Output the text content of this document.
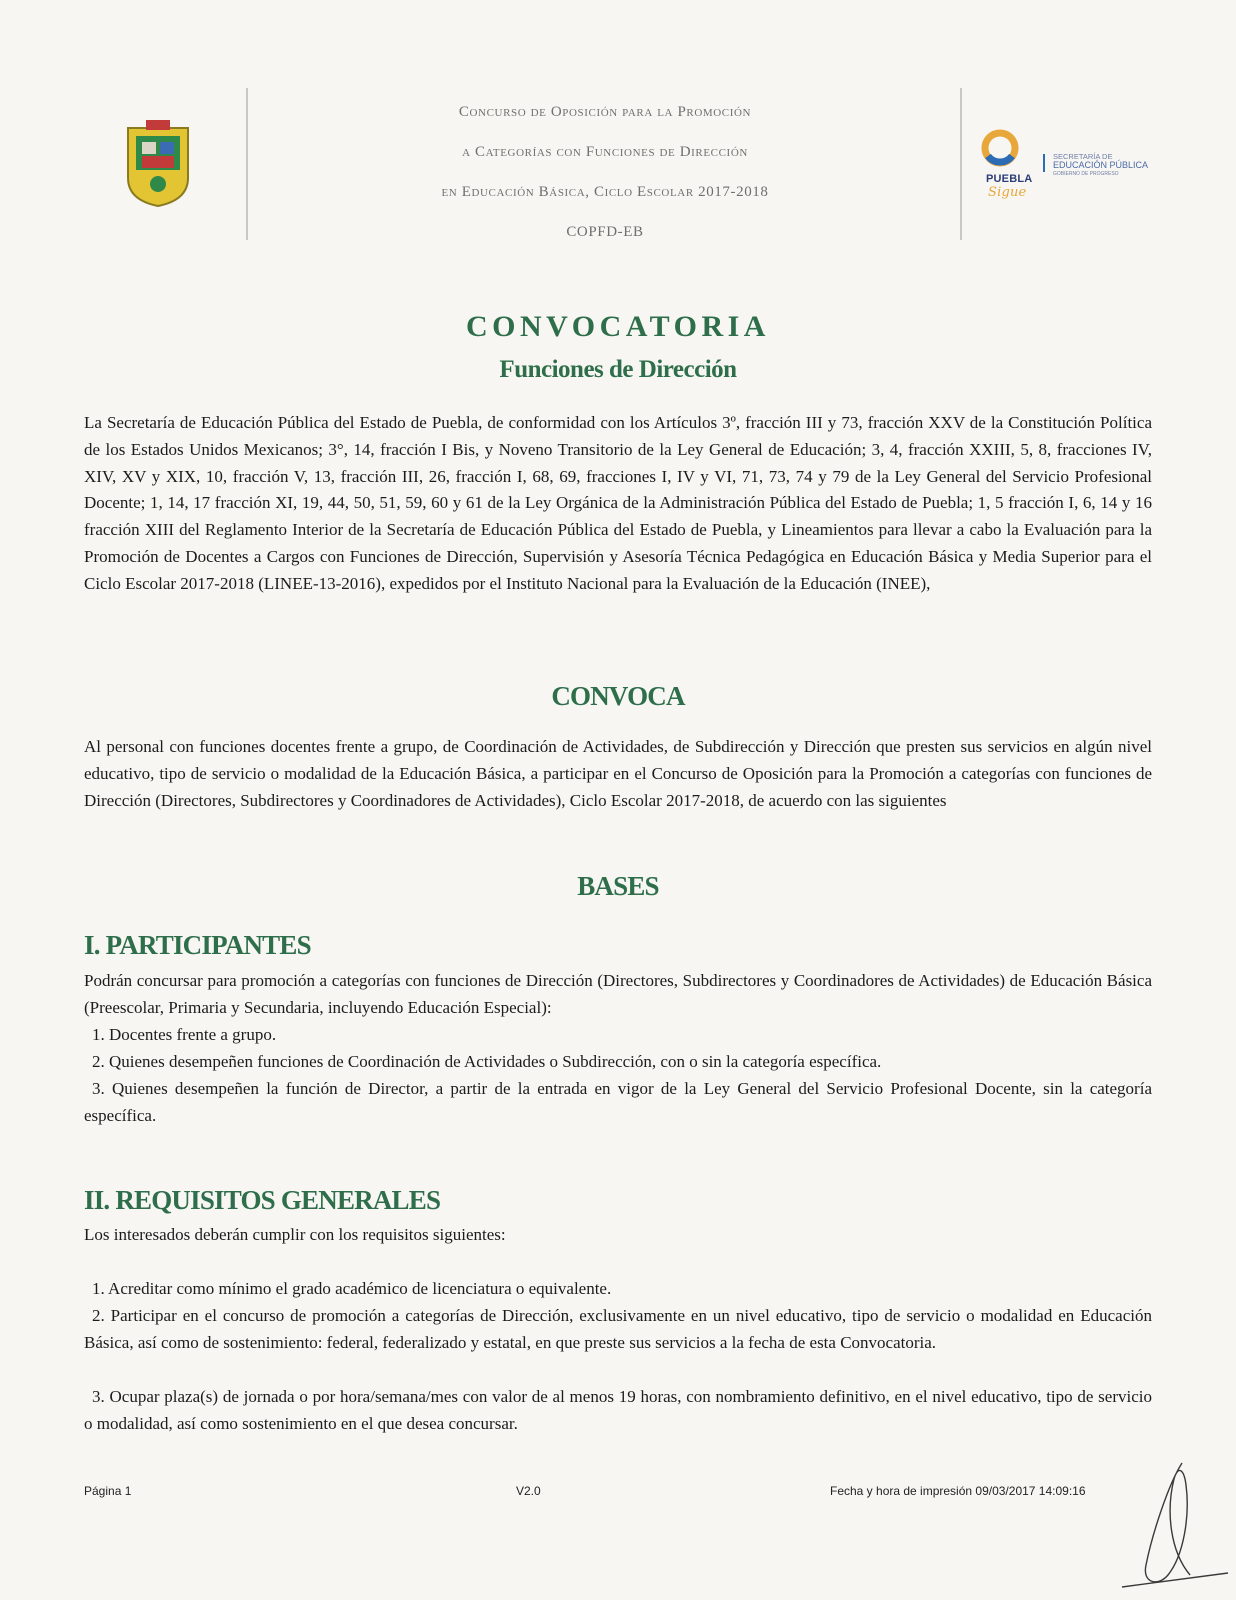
Concurso de Oposición para la Promoción
a Categorías con Funciones de Dirección
en Educación Básica, Ciclo Escolar 2017-2018
COPFD-EB
PUEBLA
Sigue
SECRETARÍA DE
EDUCACIÓN PÚBLICA
GOBIERNO DE PROGRESO
CONVOCATORIA
Funciones de Dirección

La Secretaría de Educación Pública del Estado de Puebla, de conformidad con los Artículos 3º, fracción III y 73, fracción XXV de la Constitución Política de los Estados Unidos Mexicanos; 3°, 14, fracción I Bis, y Noveno Transitorio de la Ley General de Educación; 3, 4, fracción XXIII, 5, 8, fracciones IV, XIV, XV y XIX, 10, fracción V, 13, fracción III, 26, fracción I, 68, 69, fracciones I, IV y VI, 71, 73, 74 y 79 de la Ley General del Servicio Profesional Docente; 1, 14, 17 fracción XI, 19, 44, 50, 51, 59, 60 y 61 de la Ley Orgánica de la Administración Pública del Estado de Puebla; 1, 5 fracción I, 6, 14 y 16 fracción XIII del Reglamento Interior de la Secretaría de Educación Pública del Estado de Puebla, y Lineamientos para llevar a cabo la Evaluación para la Promoción de Docentes a Cargos con Funciones de Dirección, Supervisión y Asesoría Técnica Pedagógica en Educación Básica y Media Superior para el Ciclo Escolar 2017-2018 (LINEE-13-2016), expedidos por el Instituto Nacional para la Evaluación de la Educación (INEE),

CONVOCA

Al personal con funciones docentes frente a grupo, de Coordinación de Actividades, de Subdirección y Dirección que presten sus servicios en algún nivel educativo, tipo de servicio o modalidad de la Educación Básica, a participar en el Concurso de Oposición para la Promoción a categorías con funciones de Dirección (Directores, Subdirectores y Coordinadores de Actividades), Ciclo Escolar 2017-2018, de acuerdo con las siguientes

BASES
I. PARTICIPANTES

Podrán concursar para promoción a categorías con funciones de Dirección (Directores, Subdirectores y Coordinadores de Actividades) de Educación Básica (Preescolar, Primaria y Secundaria, incluyendo Educación Especial):

1. Docentes frente a grupo.
2. Quienes desempeñen funciones de Coordinación de Actividades o Subdirección, con o sin la categoría específica.
3. Quienes desempeñen la función de Director, a partir de la entrada en vigor de la Ley General del Servicio Profesional Docente, sin la categoría específica.
II. REQUISITOS GENERALES

Los interesados deberán cumplir con los requisitos siguientes:

1. Acreditar como mínimo el grado académico de licenciatura o equivalente.
2. Participar en el concurso de promoción a categorías de Dirección, exclusivamente en un nivel educativo, tipo de servicio o modalidad en Educación Básica, así como de sostenimiento: federal, federalizado y estatal, en que preste sus servicios a la fecha de esta Convocatoria.
3. Ocupar plaza(s) de jornada o por hora/semana/mes con valor de al menos 19 horas, con nombramiento definitivo, en el nivel educativo, tipo de servicio o modalidad, así como sostenimiento en el que desea concursar.
Página 1	V2.0	Fecha y hora de impresión 09/03/2017 14:09:16
